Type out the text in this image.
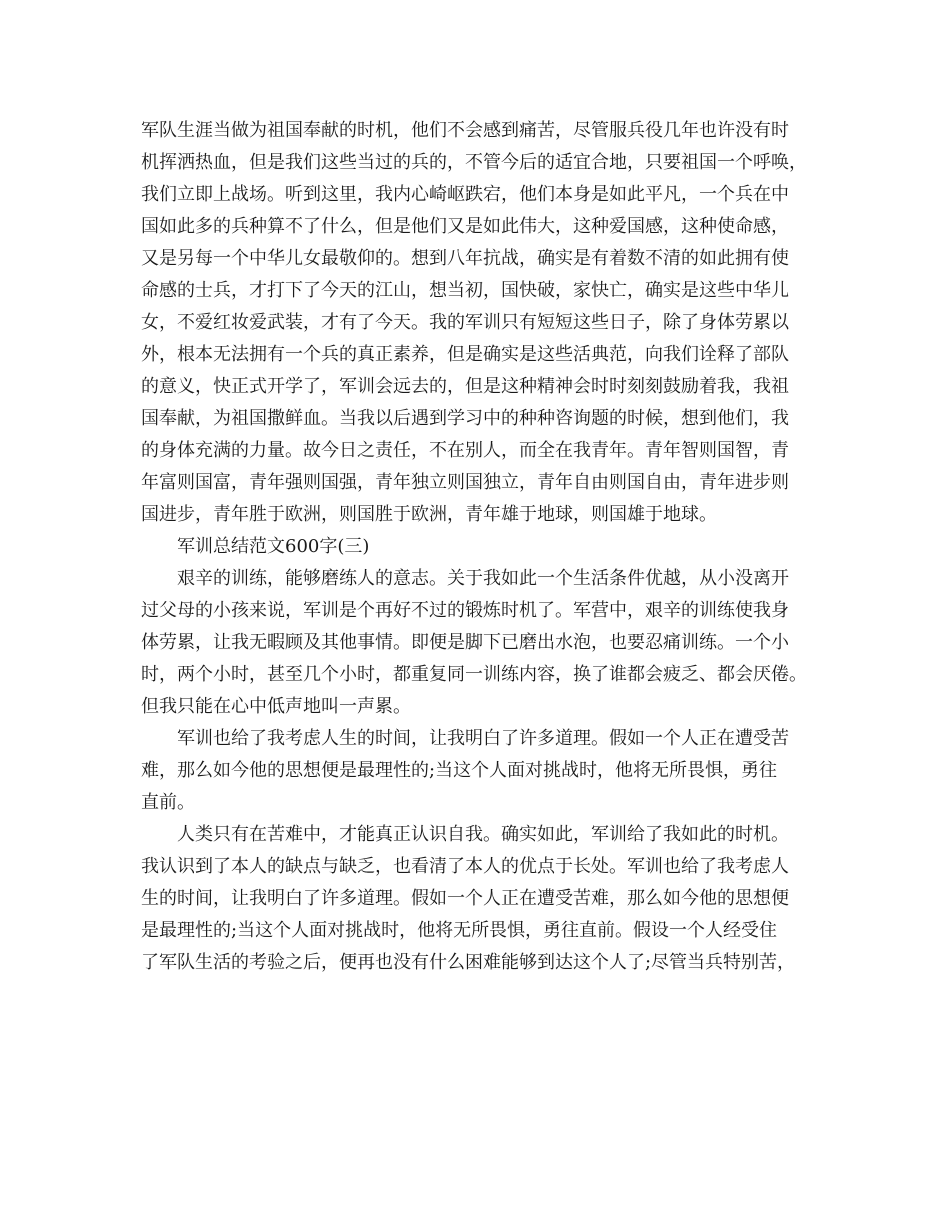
军队生涯当做为祖国奉献的时机，他们不会感到痛苦，尽管服兵役几年也许没有时
机挥洒热血，但是我们这些当过的兵的，不管今后的适宜合地，只要祖国一个呼唤，
我们立即上战场。听到这里，我内心崎岖跌宕，他们本身是如此平凡，一个兵在中
国如此多的兵种算不了什么，但是他们又是如此伟大，这种爱国感，这种使命感，
又是另每一个中华儿女最敬仰的。想到八年抗战，确实是有着数不清的如此拥有使
命感的士兵，才打下了今天的江山，想当初，国快破，家快亡，确实是这些中华儿
女，不爱红妆爱武装，才有了今天。我的军训只有短短这些日子，除了身体劳累以
外，根本无法拥有一个兵的真正素养，但是确实是这些活典范，向我们诠释了部队
的意义，快正式开学了，军训会远去的，但是这种精神会时时刻刻鼓励着我，我祖
国奉献，为祖国撒鲜血。当我以后遇到学习中的种种咨询题的时候，想到他们，我
的身体充满的力量。故今日之责任，不在别人，而全在我青年。青年智则国智，青
年富则国富，青年强则国强，青年独立则国独立，青年自由则国自由，青年进步则
国进步，青年胜于欧洲，则国胜于欧洲，青年雄于地球，则国雄于地球。
军训总结范文600字(三)
艰辛的训练，能够磨练人的意志。关于我如此一个生活条件优越，从小没离开
过父母的小孩来说，军训是个再好不过的锻炼时机了。军营中，艰辛的训练使我身
体劳累，让我无暇顾及其他事情。即便是脚下已磨出水泡，也要忍痛训练。一个小
时，两个小时，甚至几个小时，都重复同一训练内容，换了谁都会疲乏、都会厌倦。
但我只能在心中低声地叫一声累。
军训也给了我考虑人生的时间，让我明白了许多道理。假如一个人正在遭受苦
难，那么如今他的思想便是最理性的;当这个人面对挑战时，他将无所畏惧，勇往
直前。
人类只有在苦难中，才能真正认识自我。确实如此，军训给了我如此的时机。
我认识到了本人的缺点与缺乏，也看清了本人的优点于长处。军训也给了我考虑人
生的时间，让我明白了许多道理。假如一个人正在遭受苦难，那么如今他的思想便
是最理性的;当这个人面对挑战时，他将无所畏惧，勇往直前。假设一个人经受住
了军队生活的考验之后，便再也没有什么困难能够到达这个人了;尽管当兵特别苦，
